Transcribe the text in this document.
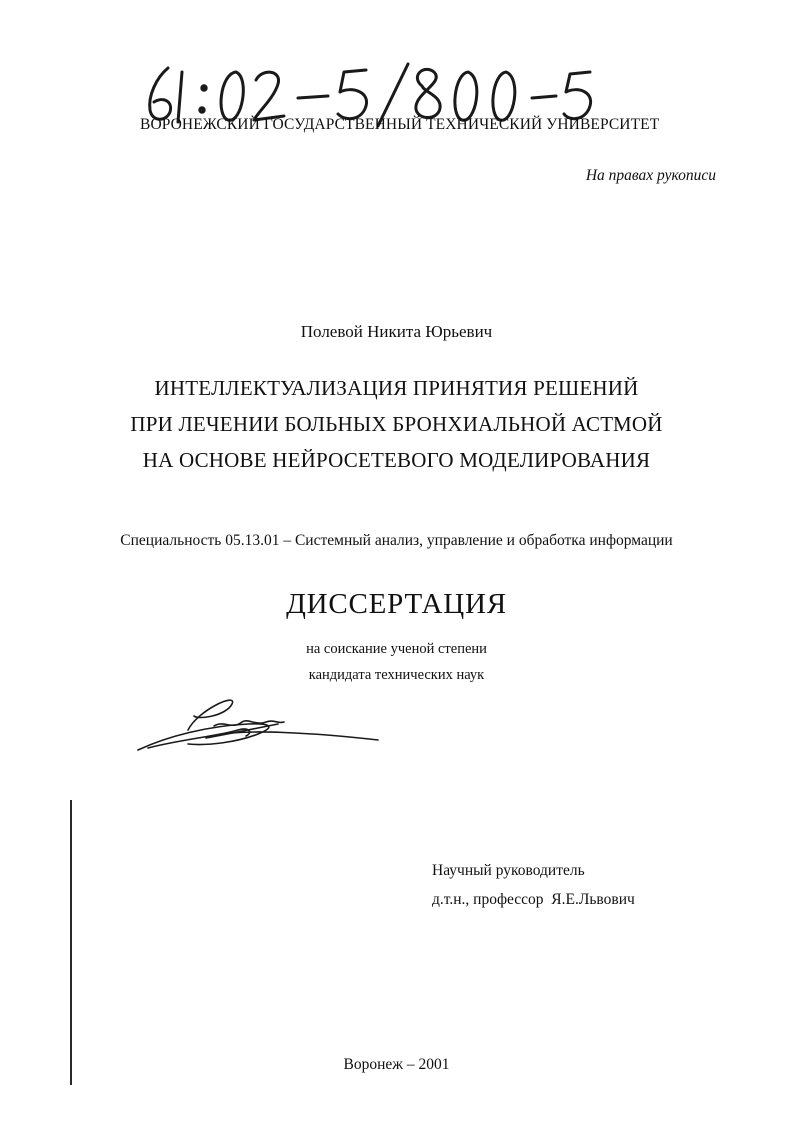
ВОРОНЕЖСКИЙ ГОСУДАРСТВЕННЫЙ ТЕХНИЧЕСКИЙ УНИВЕРСИТЕТ
На правах рукописи
Полевой Никита Юрьевич
ИНТЕЛЛЕКТУАЛИЗАЦИЯ ПРИНЯТИЯ РЕШЕНИЙ
ПРИ ЛЕЧЕНИИ БОЛЬНЫХ БРОНХИАЛЬНОЙ АСТМОЙ
НА ОСНОВЕ НЕЙРОСЕТЕВОГО МОДЕЛИРОВАНИЯ
Специальность 05.13.01 – Системный анализ, управление и обработка информации
ДИССЕРТАЦИЯ
на соискание ученой степени
кандидата технических наук
Научный руководитель
д.т.н., профессор  Я.Е.Львович
Воронеж – 2001
